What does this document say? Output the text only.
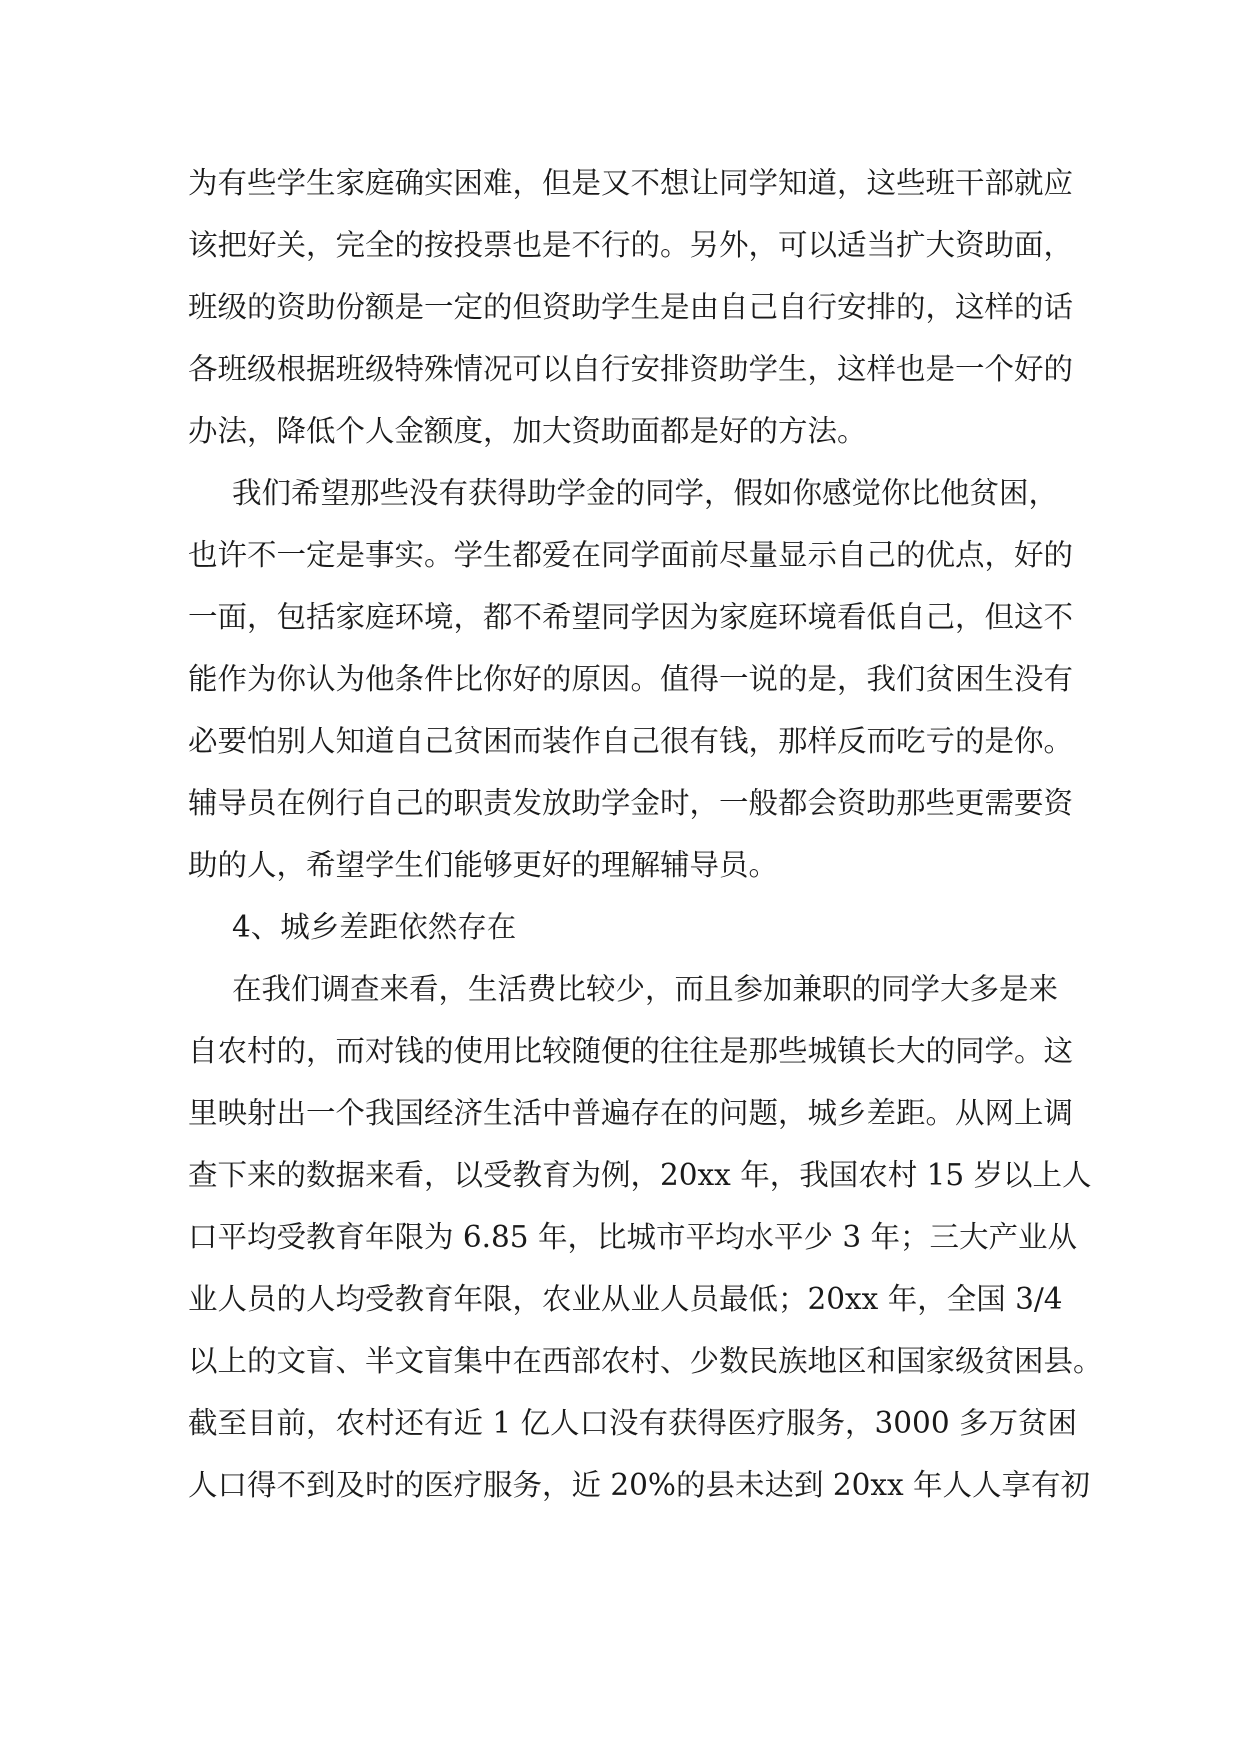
为有些学生家庭确实困难，但是又不想让同学知道，这些班干部就应
该把好关，完全的按投票也是不行的。另外，可以适当扩大资助面，
班级的资助份额是一定的但资助学生是由自己自行安排的，这样的话
各班级根据班级特殊情况可以自行安排资助学生，这样也是一个好的
办法，降低个人金额度，加大资助面都是好的方法。
我们希望那些没有获得助学金的同学，假如你感觉你比他贫困，
也许不一定是事实。学生都爱在同学面前尽量显示自己的优点，好的
一面，包括家庭环境，都不希望同学因为家庭环境看低自己，但这不
能作为你认为他条件比你好的原因。值得一说的是，我们贫困生没有
必要怕别人知道自己贫困而装作自己很有钱，那样反而吃亏的是你。
辅导员在例行自己的职责发放助学金时，一般都会资助那些更需要资
助的人，希望学生们能够更好的理解辅导员。
4、城乡差距依然存在
在我们调查来看，生活费比较少，而且参加兼职的同学大多是来
自农村的，而对钱的使用比较随便的往往是那些城镇长大的同学。这
里映射出一个我国经济生活中普遍存在的问题，城乡差距。从网上调
查下来的数据来看，以受教育为例，20xx 年，我国农村 15 岁以上人
口平均受教育年限为 6.85 年，比城市平均水平少 3 年；三大产业从
业人员的人均受教育年限，农业从业人员最低；20xx 年，全国 3/4
以上的文盲、半文盲集中在西部农村、少数民族地区和国家级贫困县。
截至目前，农村还有近 1 亿人口没有获得医疗服务，3000 多万贫困
人口得不到及时的医疗服务，近 20%的县未达到 20xx 年人人享有初
